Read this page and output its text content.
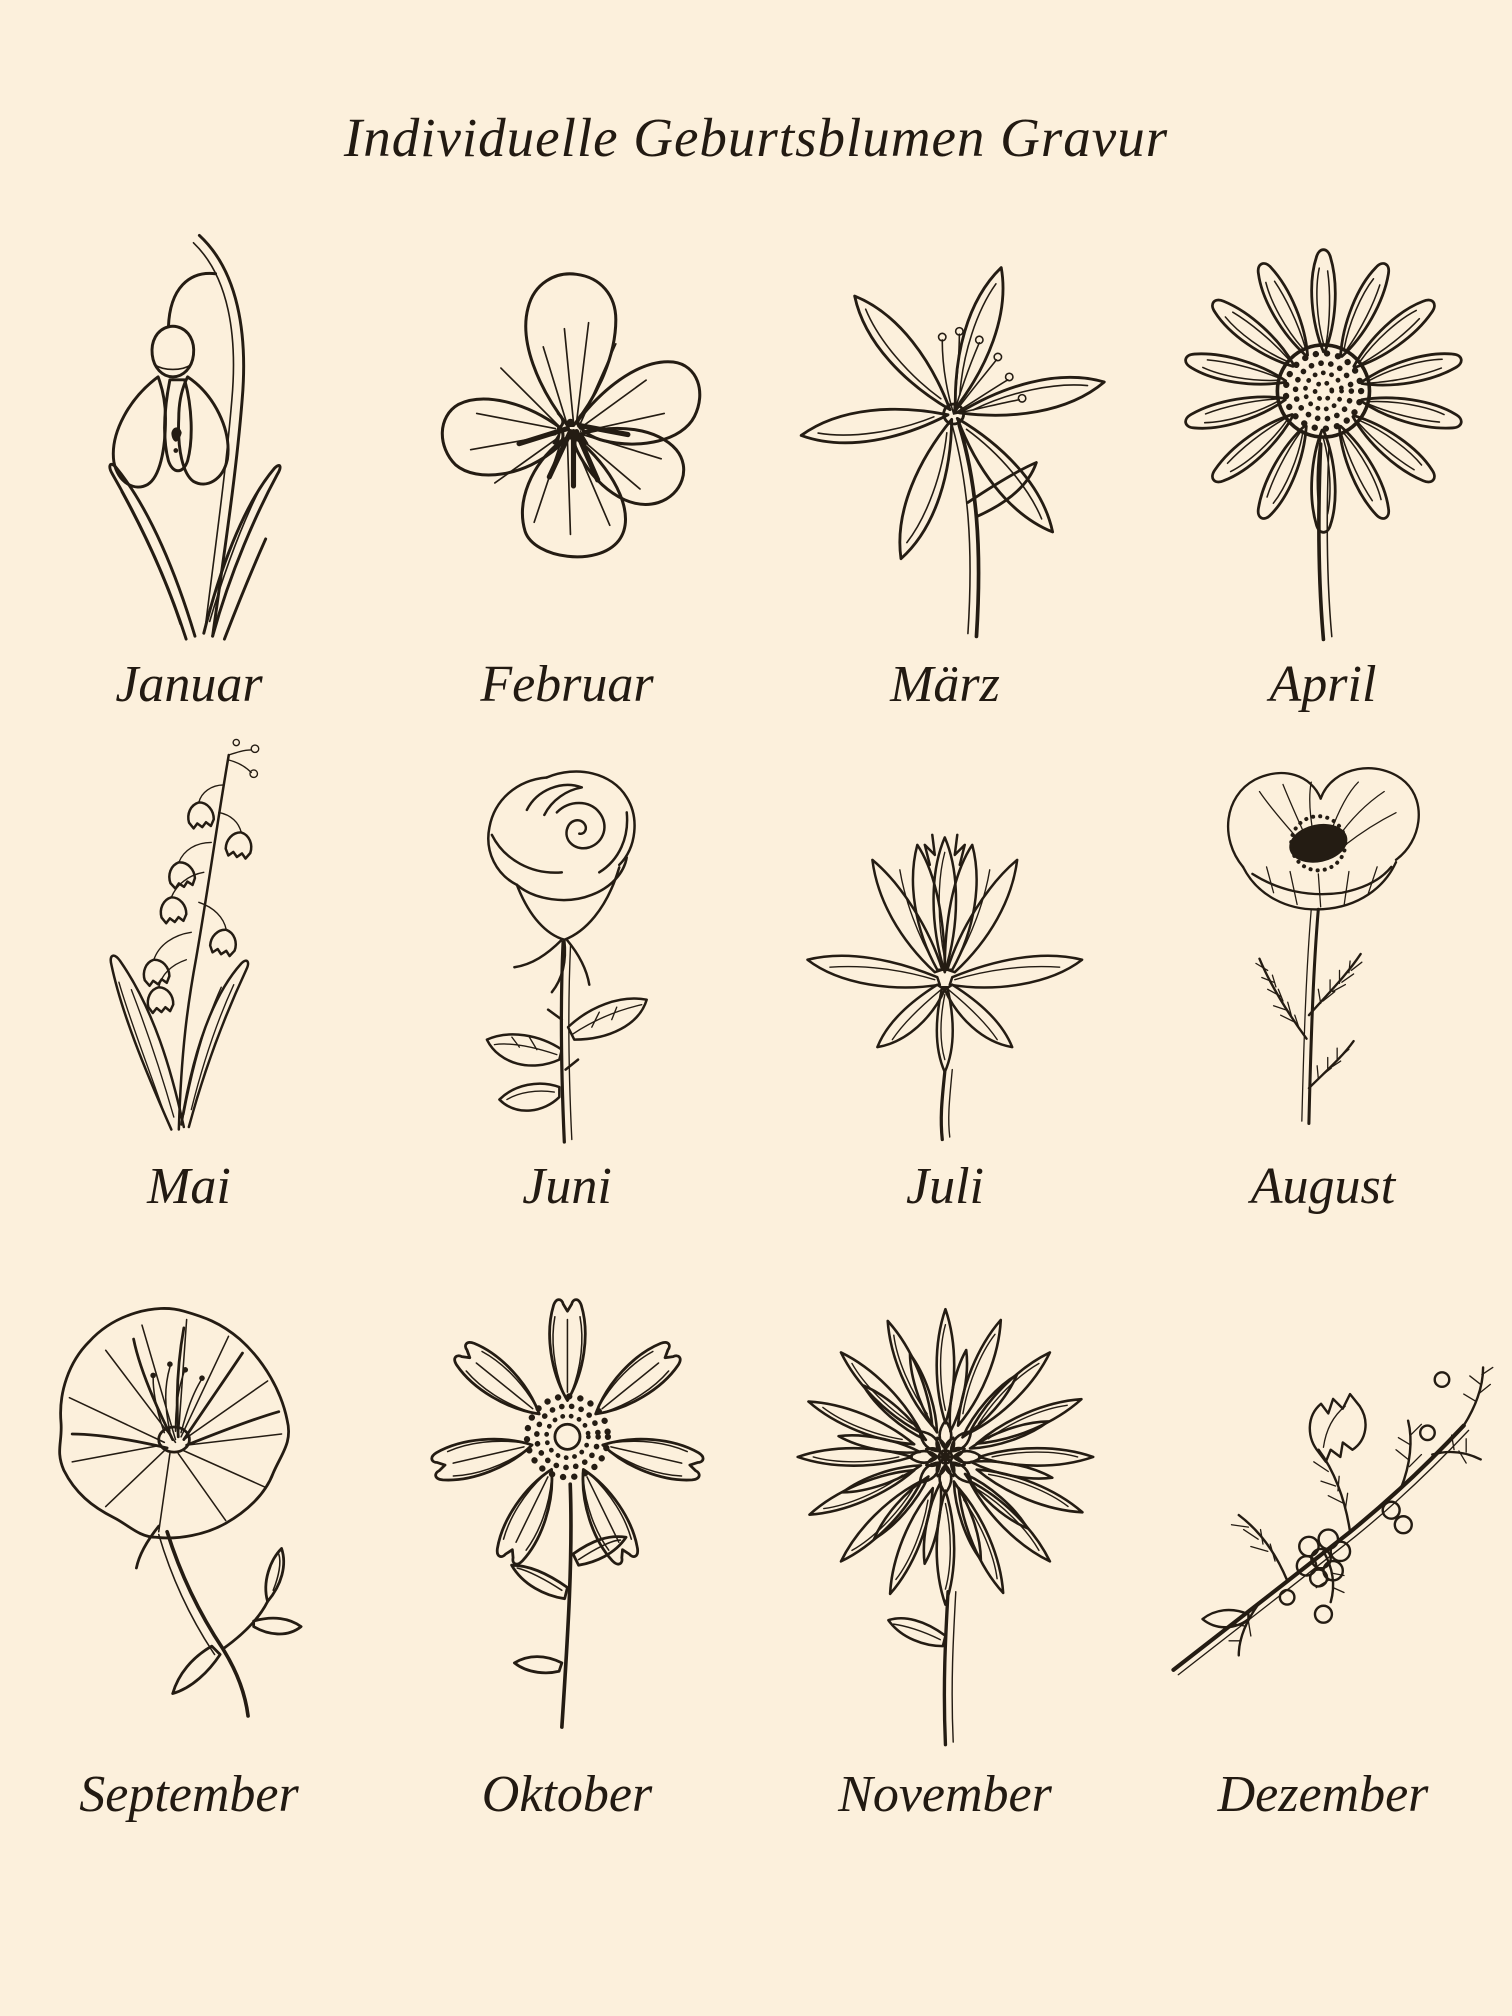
Individuelle Geburtsblumen Gravur
Januar	Februar	März	April
Mai	Juni	Juli	August
September	Oktober	November	Dezember
